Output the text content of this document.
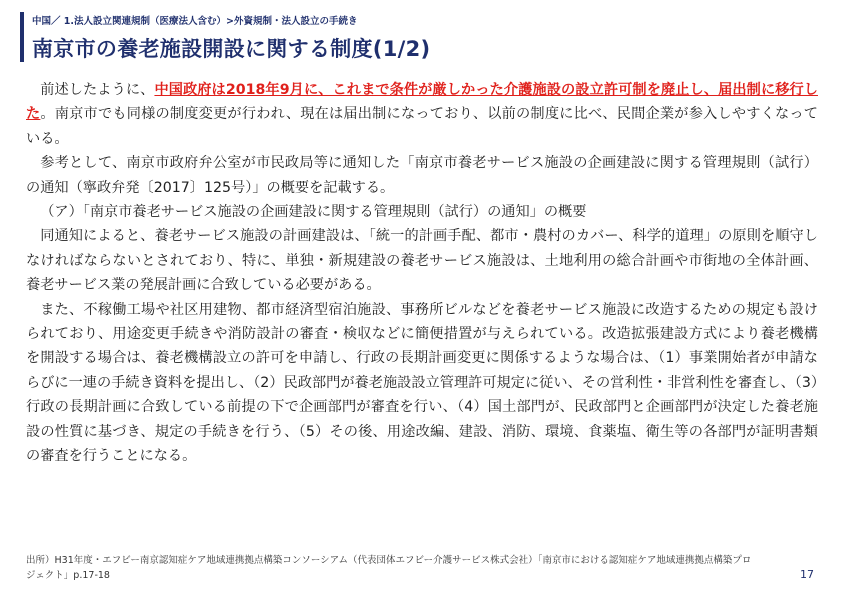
中国／ 1.法人設立関連規制（医療法人含む）>外資規制・法人設立の手続き
南京市の養老施設開設に関する制度(1/2)

前述したように、中国政府は2018年9月に、これまで条件が厳しかった介護施設の設立許可制を廃止し、届出制に移行した。南京市でも同様の制度変更が行われ、現在は届出制になっており、以前の制度に比べ、民間企業が参入しやすくなっている。

参考として、南京市政府弁公室が市民政局等に通知した「南京市養老サービス施設の企画建設に関する管理規則（試行）の通知（寧政弁発〔2017〕125号）」の概要を記載する。

（ア）「南京市養老サービス施設の企画建設に関する管理規則（試行）の通知」の概要

同通知によると、養老サービス施設の計画建設は、「統一的計画手配、都市・農村のカバー、科学的道理」の原則を順守しなければならないとされており、特に、単独・新規建設の養老サービス施設は、土地利用の総合計画や市街地の全体計画、養老サービス業の発展計画に合致している必要がある。

また、不稼働工場や社区用建物、都市経済型宿泊施設、事務所ビルなどを養老サービス施設に改造するための規定も設けられており、用途変更手続きや消防設計の審査・検収などに簡便措置が与えられている。改造拡張建設方式により養老機構を開設する場合は、養老機構設立の許可を申請し、行政の長期計画変更に関係するような場合は、（1）事業開始者が申請ならびに一連の手続き資料を提出し、（2）民政部門が養老施設設立管理許可規定に従い、その営利性・非営利性を審査し、（3）行政の長期計画に合致している前提の下で企画部門が審査を行い、（4）国土部門が、民政部門と企画部門が決定した養老施設の性質に基づき、規定の手続きを行う、（5）その後、用途改編、建設、消防、環境、食薬塩、衛生等の各部門が証明書類の審査を行うことになる。

出所）H31年度・エフビー南京認知症ケア地域連携拠点構築コンソーシアム（代表団体エフビー介護サービス株式会社）「南京市における認知症ケア地域連携拠点構築プロジェクト」p.17-18	17
